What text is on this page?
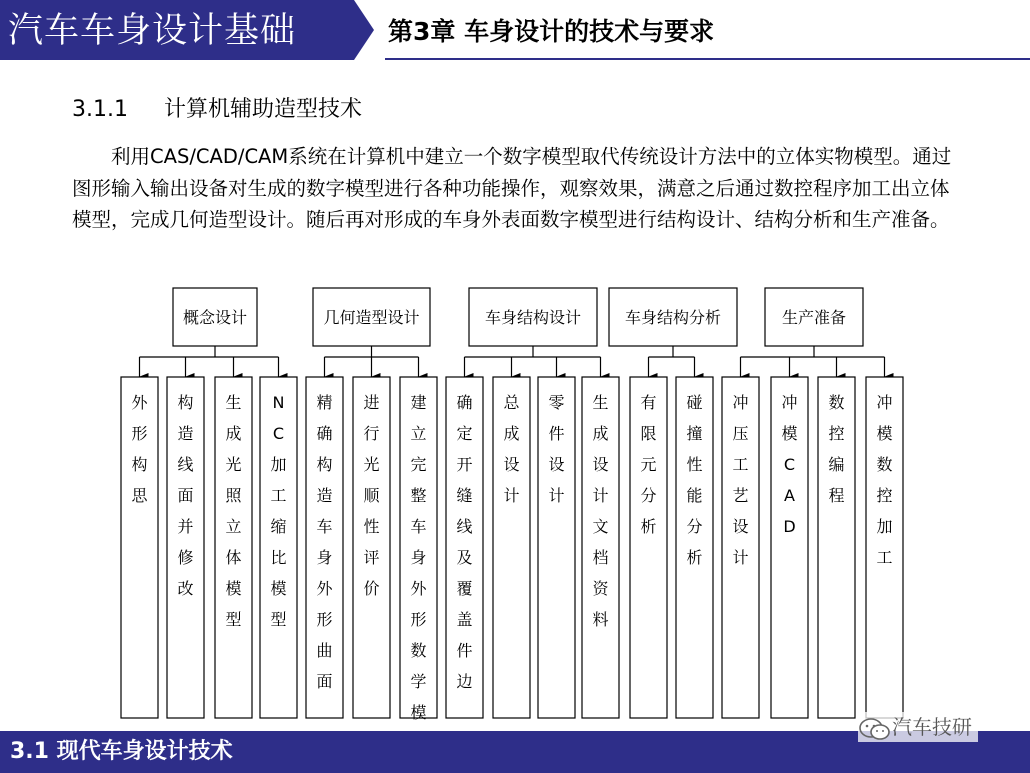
汽车车身设计基础	第3章 车身设计的技术与要求
3.1.1 计算机辅助造型技术
利用CAS/CAD/CAM系统在计算机中建立一个数字模型取代传统设计方法中的立体实物模型。通过图形输入输出设备对生成的数字模型进行各种功能操作，观察效果，满意之后通过数控程序加工出立体模型，完成几何造型设计。随后再对形成的车身外表面数字模型进行结构设计、结构分析和生产准备。
概念设计
外形构思
构造线面并修改
生成光照立体模型
N C 加工缩比模型
几何造型设计
精确构造车身外形曲面
进行光顺性评价
建立完整车身外形数学模
车身结构设计
确定开缝线及覆盖件边
总成设计
零件设计
生成设计文档资料
车身结构分析
有限元分析
碰撞性能分析
生产准备
冲压工艺设计
冲模 C A D
数控编程
冲模数控加工
3.1 现代车身设计技术
汽车技研
